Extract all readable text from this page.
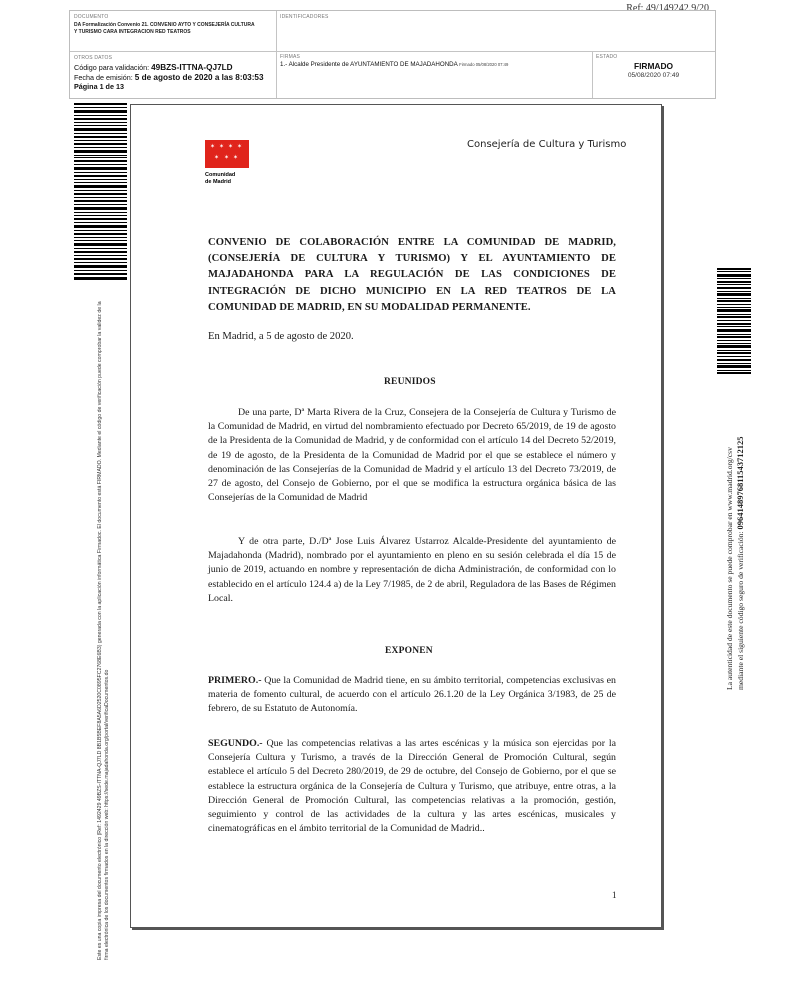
Ref: 49/149242.9/20
DOCUMENTO
DA Formalización Convenio 21. CONVENIO AYTO Y CONSEJERÍA CULTURA
Y TURISMO CARA INTEGRACION RED TEATROS
IDENTIFICADORES
OTROS DATOS
Código para validación: 49BZS-ITTNA-QJ7LD
Fecha de emisión: 5 de agosto de 2020 a las 8:03:53
Página 1 de 13
FIRMAS
1.- Alcalde Presidente de AYUNTAMIENTO DE MAJADAHONDA Firmado 05/08/2020 07:49
ESTADO
FIRMADO
05/08/2020 07:49
Este es una copia impresa del documento electrónico (Ref: 1492429 49BZS-ITTNA-QJ7LD 8B1B5BEF8A5A6D2520C0895FC2768E6B3) generada con la aplicación informática Firmadoc. El documento está FIRMADO. Mediante el código de verificación puede comprobar la validez de la firma electrónica de los documentos firmados en la dirección web: https://sede.majadahonda.org/portal/verificaDocumentos.do
La autenticidad de este documento se puede comprobar en www.madrid.org/csv mediante el siguiente código seguro de verificación: 0964148976811543712125
✶ ✶ ✶ ✶
✶ ✶ ✶
Comunidad
de Madrid
Consejería de Cultura y Turismo
CONVENIO DE COLABORACIÓN ENTRE LA COMUNIDAD DE MADRID, (CONSEJERÍA DE CULTURA Y TURISMO) Y EL AYUNTAMIENTO DE MAJADAHONDA PARA LA REGULACIÓN DE LAS CONDICIONES DE INTEGRACIÓN DE DICHO MUNICIPIO EN LA RED TEATROS DE LA COMUNIDAD DE MADRID, EN SU MODALIDAD PERMANENTE.
En Madrid, a 5 de agosto de 2020.
REUNIDOS

De una parte, Dª Marta Rivera de la Cruz, Consejera de la Consejería de Cultura y Turismo de la Comunidad de Madrid, en virtud del nombramiento efectuado por Decreto 65/2019, de 19 de agosto de la Presidenta de la Comunidad de Madrid, y de conformidad con el artículo 14 del Decreto 52/2019, de 19 de agosto, de la Presidenta de la Comunidad de Madrid por el que se establece el número y denominación de las Consejerías de la Comunidad de Madrid y el artículo 13 del Decreto 73/2019, de 27 de agosto, del Consejo de Gobierno, por el que se modifica la estructura orgánica básica de las Consejerías de la Comunidad de Madrid

Y de otra parte, D./Dª Jose Luis Álvarez Ustarroz Alcalde-Presidente del ayuntamiento de Majadahonda (Madrid), nombrado por el ayuntamiento en pleno en su sesión celebrada el día 15 de junio de 2019, actuando en nombre y representación de dicha Administración, de conformidad con lo establecido en el artículo 124.4 a) de la Ley 7/1985, de 2 de abril, Reguladora de las Bases de Régimen Local.

EXPONEN

PRIMERO.- Que la Comunidad de Madrid tiene, en su ámbito territorial, competencias exclusivas en materia de fomento cultural, de acuerdo con el artículo 26.1.20 de la Ley Orgánica 3/1983, de 25 de febrero, de su Estatuto de Autonomía.

SEGUNDO.- Que las competencias relativas a las artes escénicas y la música son ejercidas por la Consejería Cultura y Turismo, a través de la Dirección General de Promoción Cultural, según establece el artículo 5 del Decreto 280/2019, de 29 de octubre, del Consejo de Gobierno, por el que se establece la estructura orgánica de la Consejería de Cultura y Turismo, que atribuye, entre otras, a la Dirección General de Promoción Cultural, las competencias relativas a la promoción, gestión, seguimiento y control de las actividades de la cultura y las artes escénicas, musicales y cinematográficas en el ámbito territorial de la Comunidad de Madrid..

1
